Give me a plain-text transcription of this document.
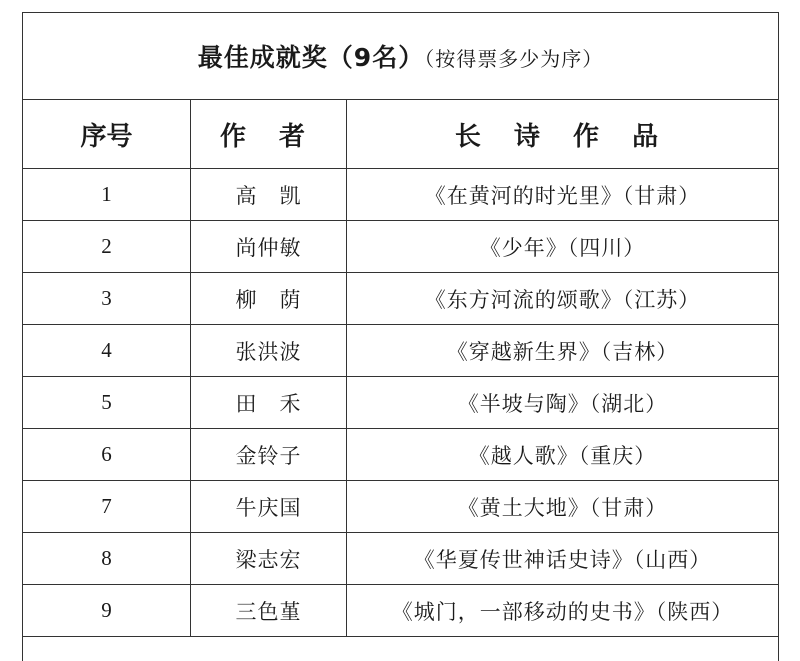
最佳成就奖（9名）（按得票多少为序）		
序号	作 者	长 诗 作 品
1	高　凯	《在黄河的时光里》（甘肃）
2	尚仲敏	《少年》（四川）
3	柳　荫	《东方河流的颂歌》（江苏）
4	张洪波	《穿越新生界》（吉林）
5	田　禾	《半坡与陶》（湖北）
6	金铃子	《越人歌》（重庆）
7	牛庆国	《黄土大地》（甘肃）
8	梁志宏	《华夏传世神话史诗》（山西）
9	三色堇	《城门，一部移动的史书》（陕西）
